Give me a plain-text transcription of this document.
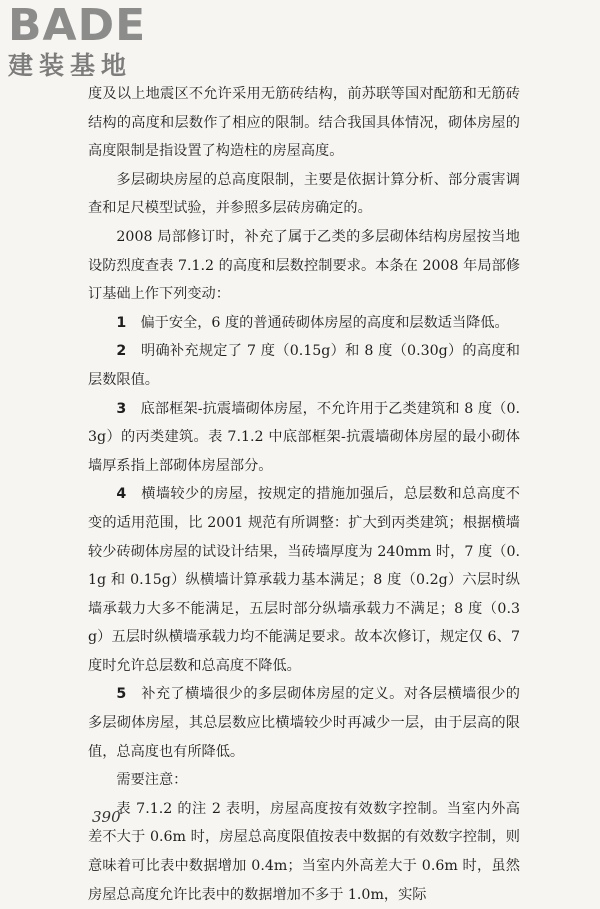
BADE
建装基地

度及以上地震区不允许采用无筋砖结构，前苏联等国对配筋和无筋砖结构的高度和层数作了相应的限制。结合我国具体情况，砌体房屋的高度限制是指设置了构造柱的房屋高度。

多层砌块房屋的总高度限制，主要是依据计算分析、部分震害调查和足尺模型试验，并参照多层砖房确定的。

2008 局部修订时，补充了属于乙类的多层砌体结构房屋按当地设防烈度查表 7.1.2 的高度和层数控制要求。本条在 2008 年局部修订基础上作下列变动：

1　 偏于安全，6 度的普通砖砌体房屋的高度和层数适当降低。

2　 明确补充规定了 7 度（0.15g）和 8 度（0.30g）的高度和层数限值。

3　 底部框架-抗震墙砌体房屋，不允许用于乙类建筑和 8 度（0.3g）的丙类建筑。表 7.1.2 中底部框架-抗震墙砌体房屋的最小砌体墙厚系指上部砌体房屋部分。

4　 横墙较少的房屋，按规定的措施加强后，总层数和总高度不变的适用范围，比 2001 规范有所调整：扩大到丙类建筑；根据横墙较少砖砌体房屋的试设计结果，当砖墙厚度为 240mm 时，7 度（0.1g 和 0.15g）纵横墙计算承载力基本满足；8 度（0.2g）六层时纵墙承载力大多不能满足，五层时部分纵墙承载力不满足；8 度（0.3g）五层时纵横墙承载力均不能满足要求。故本次修订，规定仅 6、7 度时允许总层数和总高度不降低。

5　 补充了横墙很少的多层砌体房屋的定义。对各层横墙很少的多层砌体房屋，其总层数应比横墙较少时再减少一层，由于层高的限值，总高度也有所降低。

需要注意：

表 7.1.2 的注 2 表明，房屋高度按有效数字控制。当室内外高差不大于 0.6m 时，房屋总高度限值按表中数据的有效数字控制，则意味着可比表中数据增加 0.4m；当室内外高差大于 0.6m 时，虽然房屋总高度允许比表中的数据增加不多于 1.0m，实际

390
